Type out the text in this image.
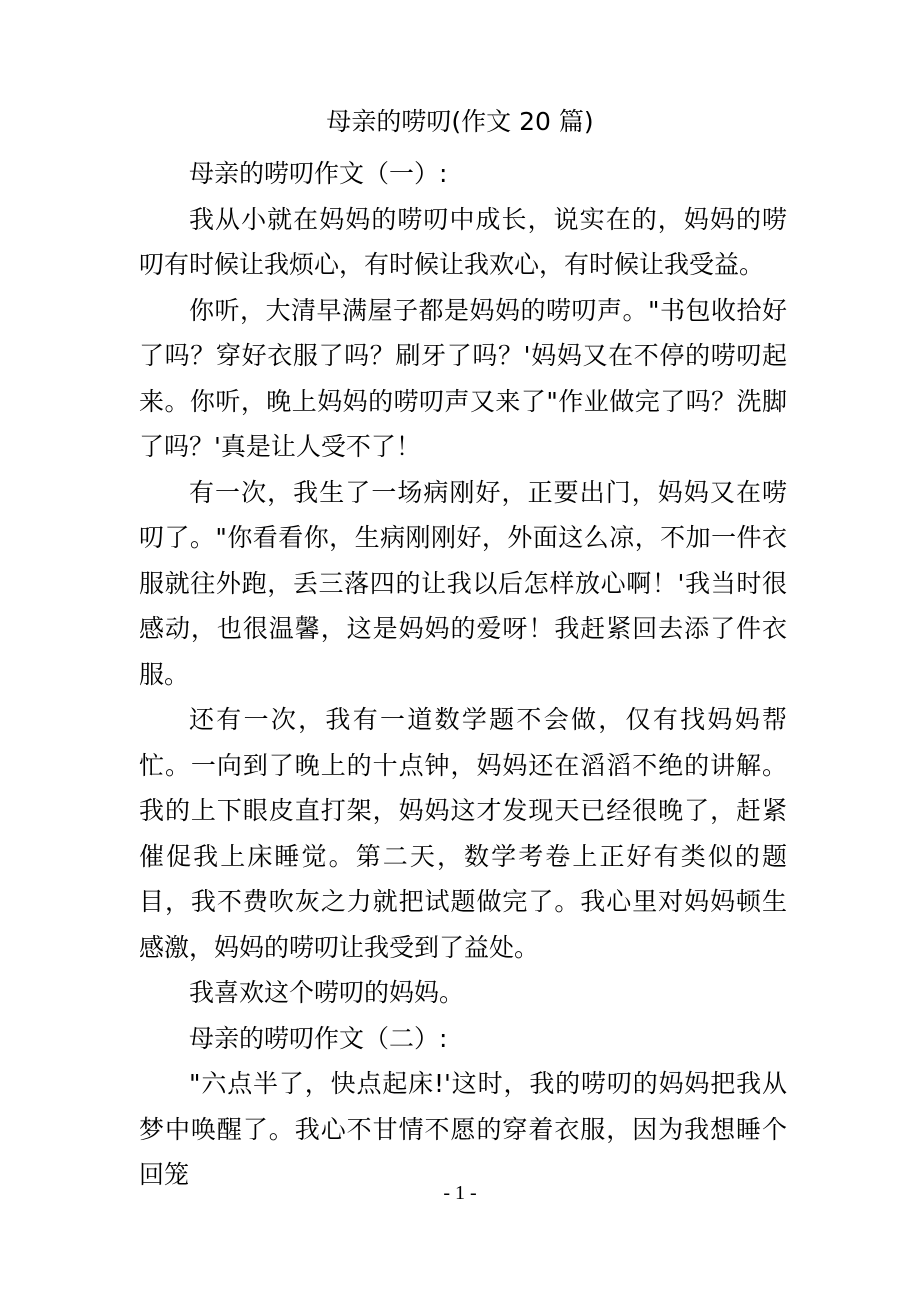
母亲的唠叨(作文 20 篇)

母亲的唠叨作文（一）:

我从小就在妈妈的唠叨中成长，说实在的，妈妈的唠叨有时候让我烦心，有时候让我欢心，有时候让我受益。

你听，大清早满屋子都是妈妈的唠叨声。"书包收拾好了吗？穿好衣服了吗？刷牙了吗？'妈妈又在不停的唠叨起来。你听，晚上妈妈的唠叨声又来了"作业做完了吗？洗脚了吗？'真是让人受不了！

有一次，我生了一场病刚好，正要出门，妈妈又在唠叨了。"你看看你，生病刚刚好，外面这么凉，不加一件衣服就往外跑，丢三落四的让我以后怎样放心啊！'我当时很感动，也很温馨，这是妈妈的爱呀！我赶紧回去添了件衣服。

还有一次，我有一道数学题不会做，仅有找妈妈帮忙。一向到了晚上的十点钟，妈妈还在滔滔不绝的讲解。我的上下眼皮直打架，妈妈这才发现天已经很晚了，赶紧催促我上床睡觉。第二天，数学考卷上正好有类似的题目，我不费吹灰之力就把试题做完了。我心里对妈妈顿生感激，妈妈的唠叨让我受到了益处。

我喜欢这个唠叨的妈妈。

母亲的唠叨作文（二）:

"六点半了，快点起床!'这时，我的唠叨的妈妈把我从梦中唤醒了。我心不甘情不愿的穿着衣服，因为我想睡个回笼

- 1 -
